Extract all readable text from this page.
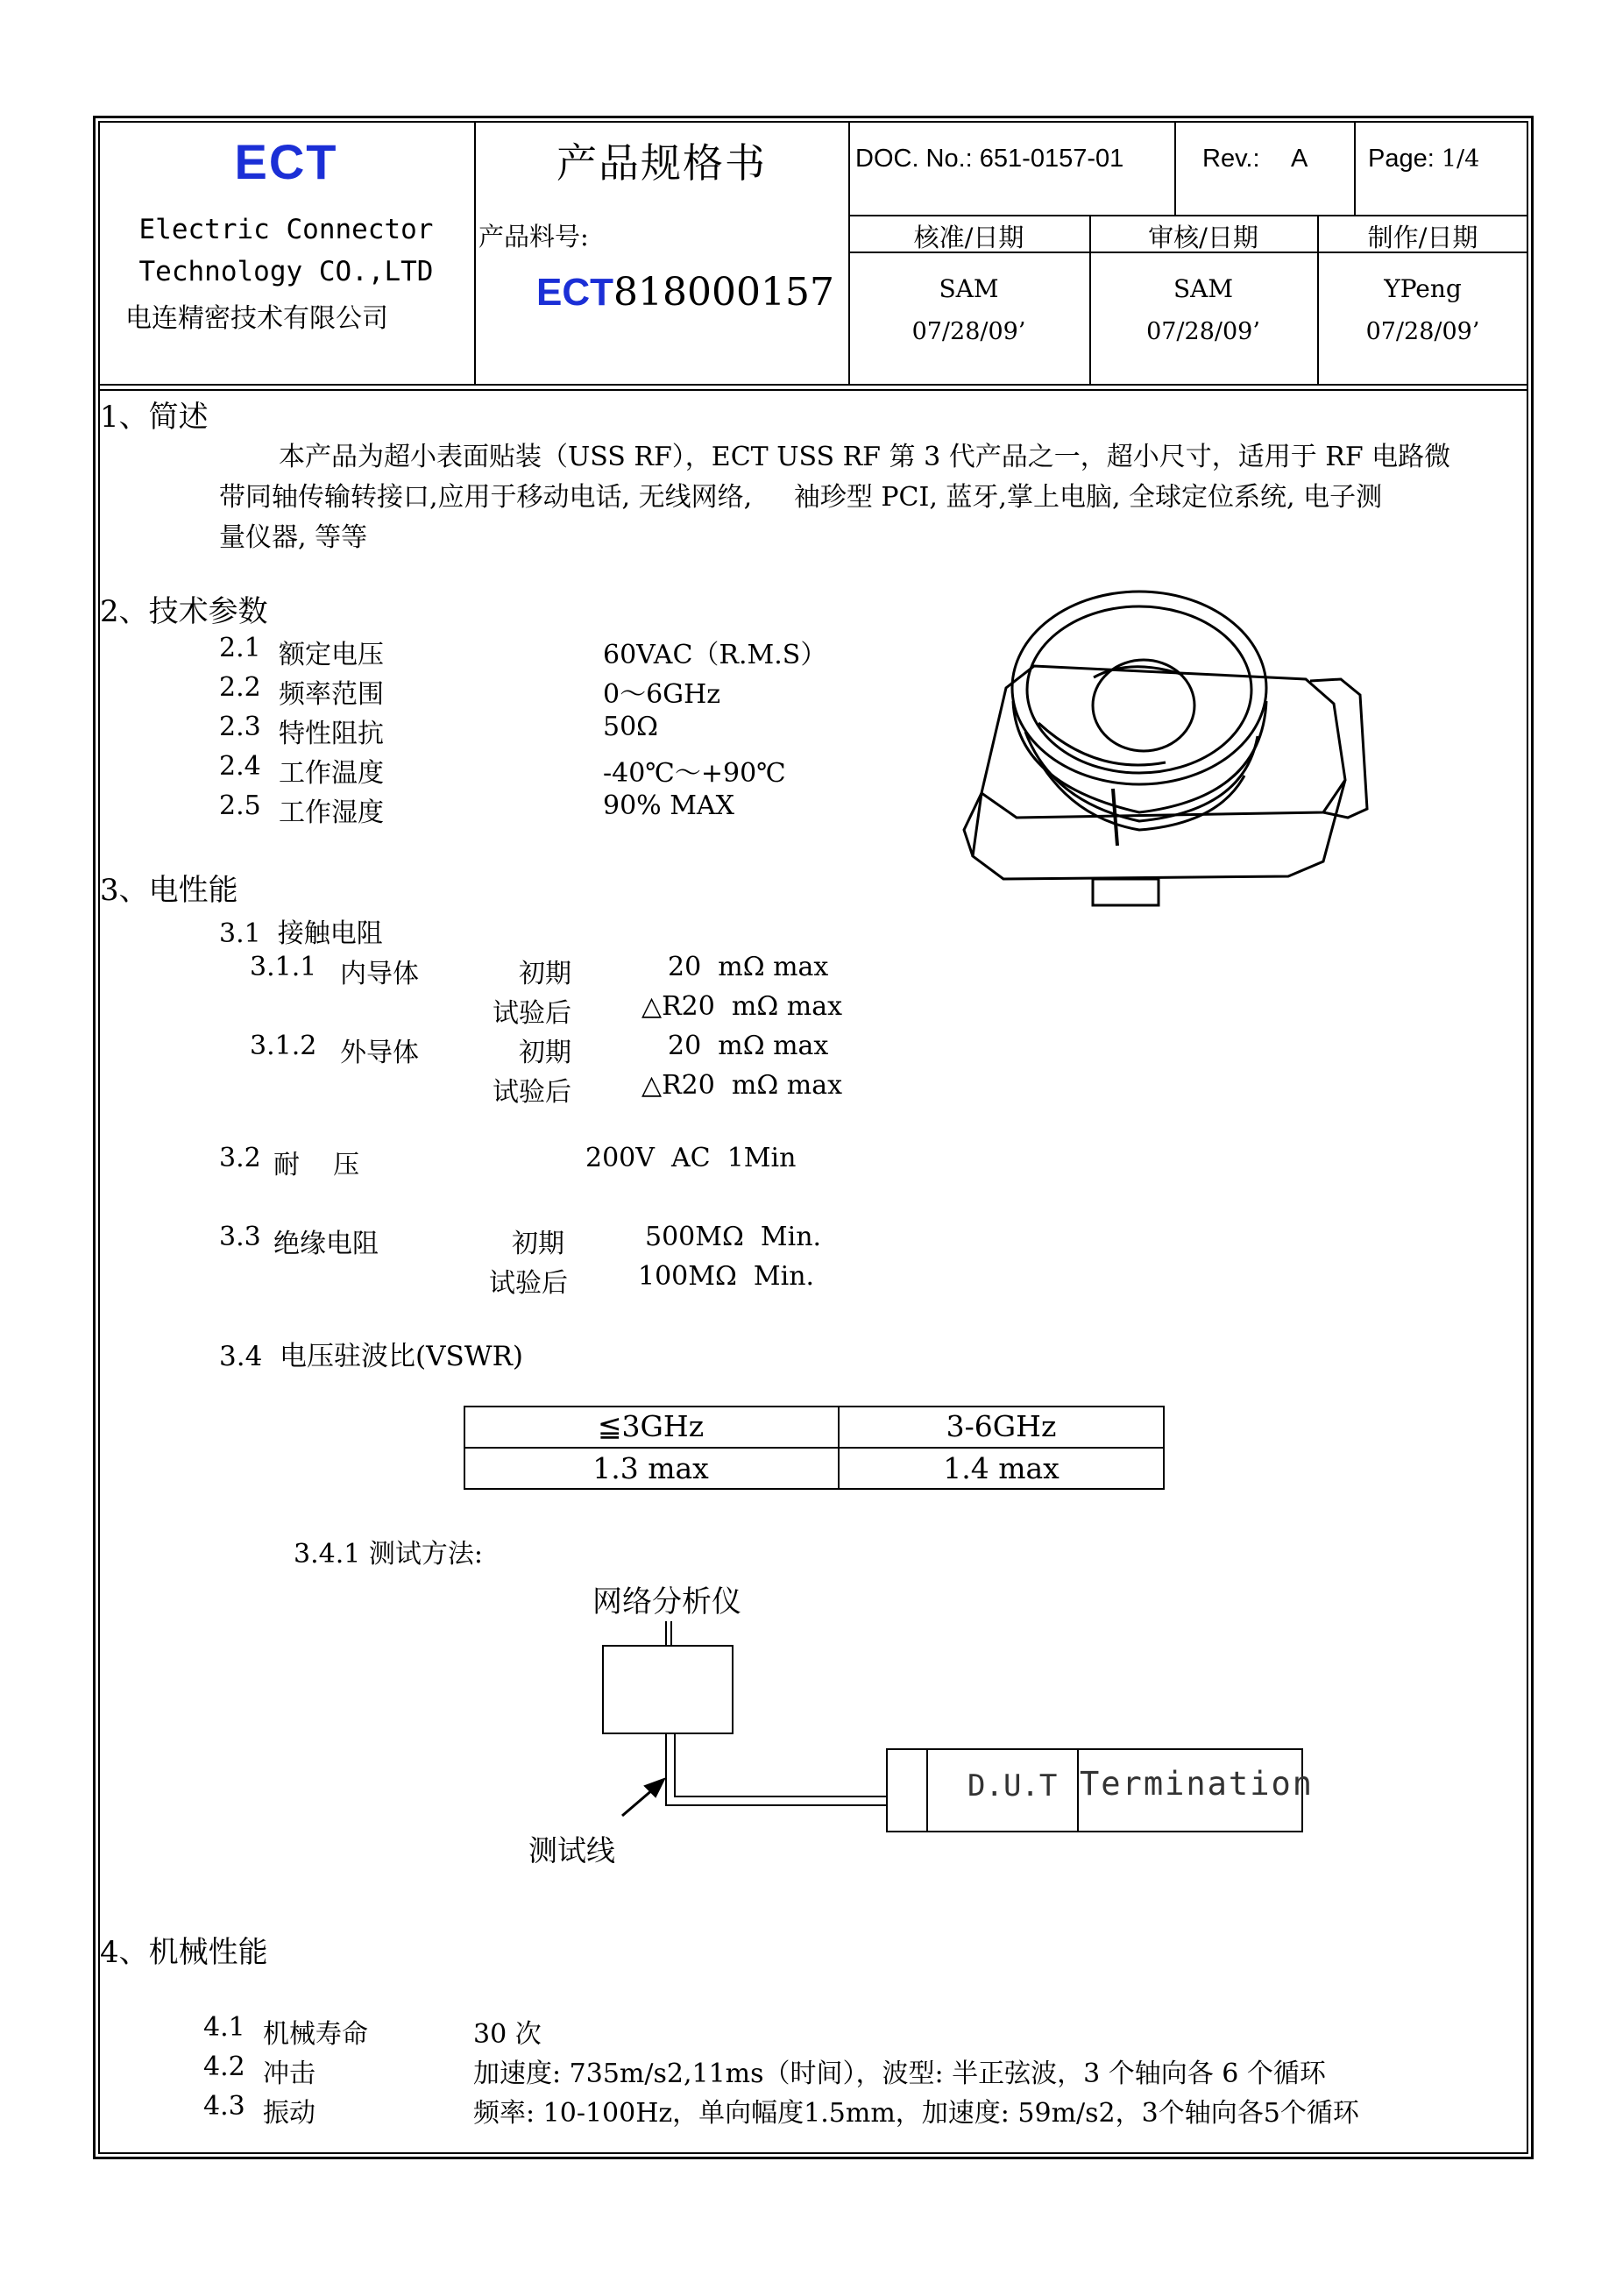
ECT
Electric Connector
Technology CO.,LTD
电连精密技术有限公司
产品规格书	DOC. No.: 651-0157-01	Rev.: A Page: 1/4
产品料号:
ECT818000157
核准/日期	审核/日期	制作/日期
SAM	SAM	YPeng
07/28/09’	07/28/09’	07/28/09’
1、简述
本产品为超小表面贴装（USS RF），ECT USS RF 第 3 代产品之一，超小尺寸，适用于 RF 电路微
带同轴传输转接口,应用于移动电话, 无线网络,     袖珍型 PCI, 蓝牙,掌上电脑, 全球定位系统, 电子测
量仪器, 等等
2、技术参数
2.1 额定电压	60VAC（R.M.S）
2.2 频率范围	0～6GHz
2.3 特性阻抗	50Ω
2.4 工作温度	-40℃～+90℃
2.5 工作湿度	90% MAX
3、电性能
3.1  接触电阻
3.1.1 内导体	初期	20  mΩ max
试验后	△R20  mΩ max
3.1.2 外导体	初期	20  mΩ max
试验后	△R20  mΩ max
3.2 耐    压	200V  AC  1Min
3.3 绝缘电阻	初期	500MΩ  Min.
试验后	100MΩ  Min.
3.4  电压驻波比(VSWR)
≦3GHz	3-6GHz
1.3 max	1.4 max
3.4.1 测试方法:
网络分析仪
D.U.T Termination
测试线
4、机械性能
4.1 机械寿命	30 次
4.2 冲击	加速度: 735m/s2,11ms（时间），波型: 半正弦波，3 个轴向各 6 个循环
4.3 振动	频率: 10-100Hz，单向幅度1.5mm，加速度: 59m/s2，3个轴向各5个循环
